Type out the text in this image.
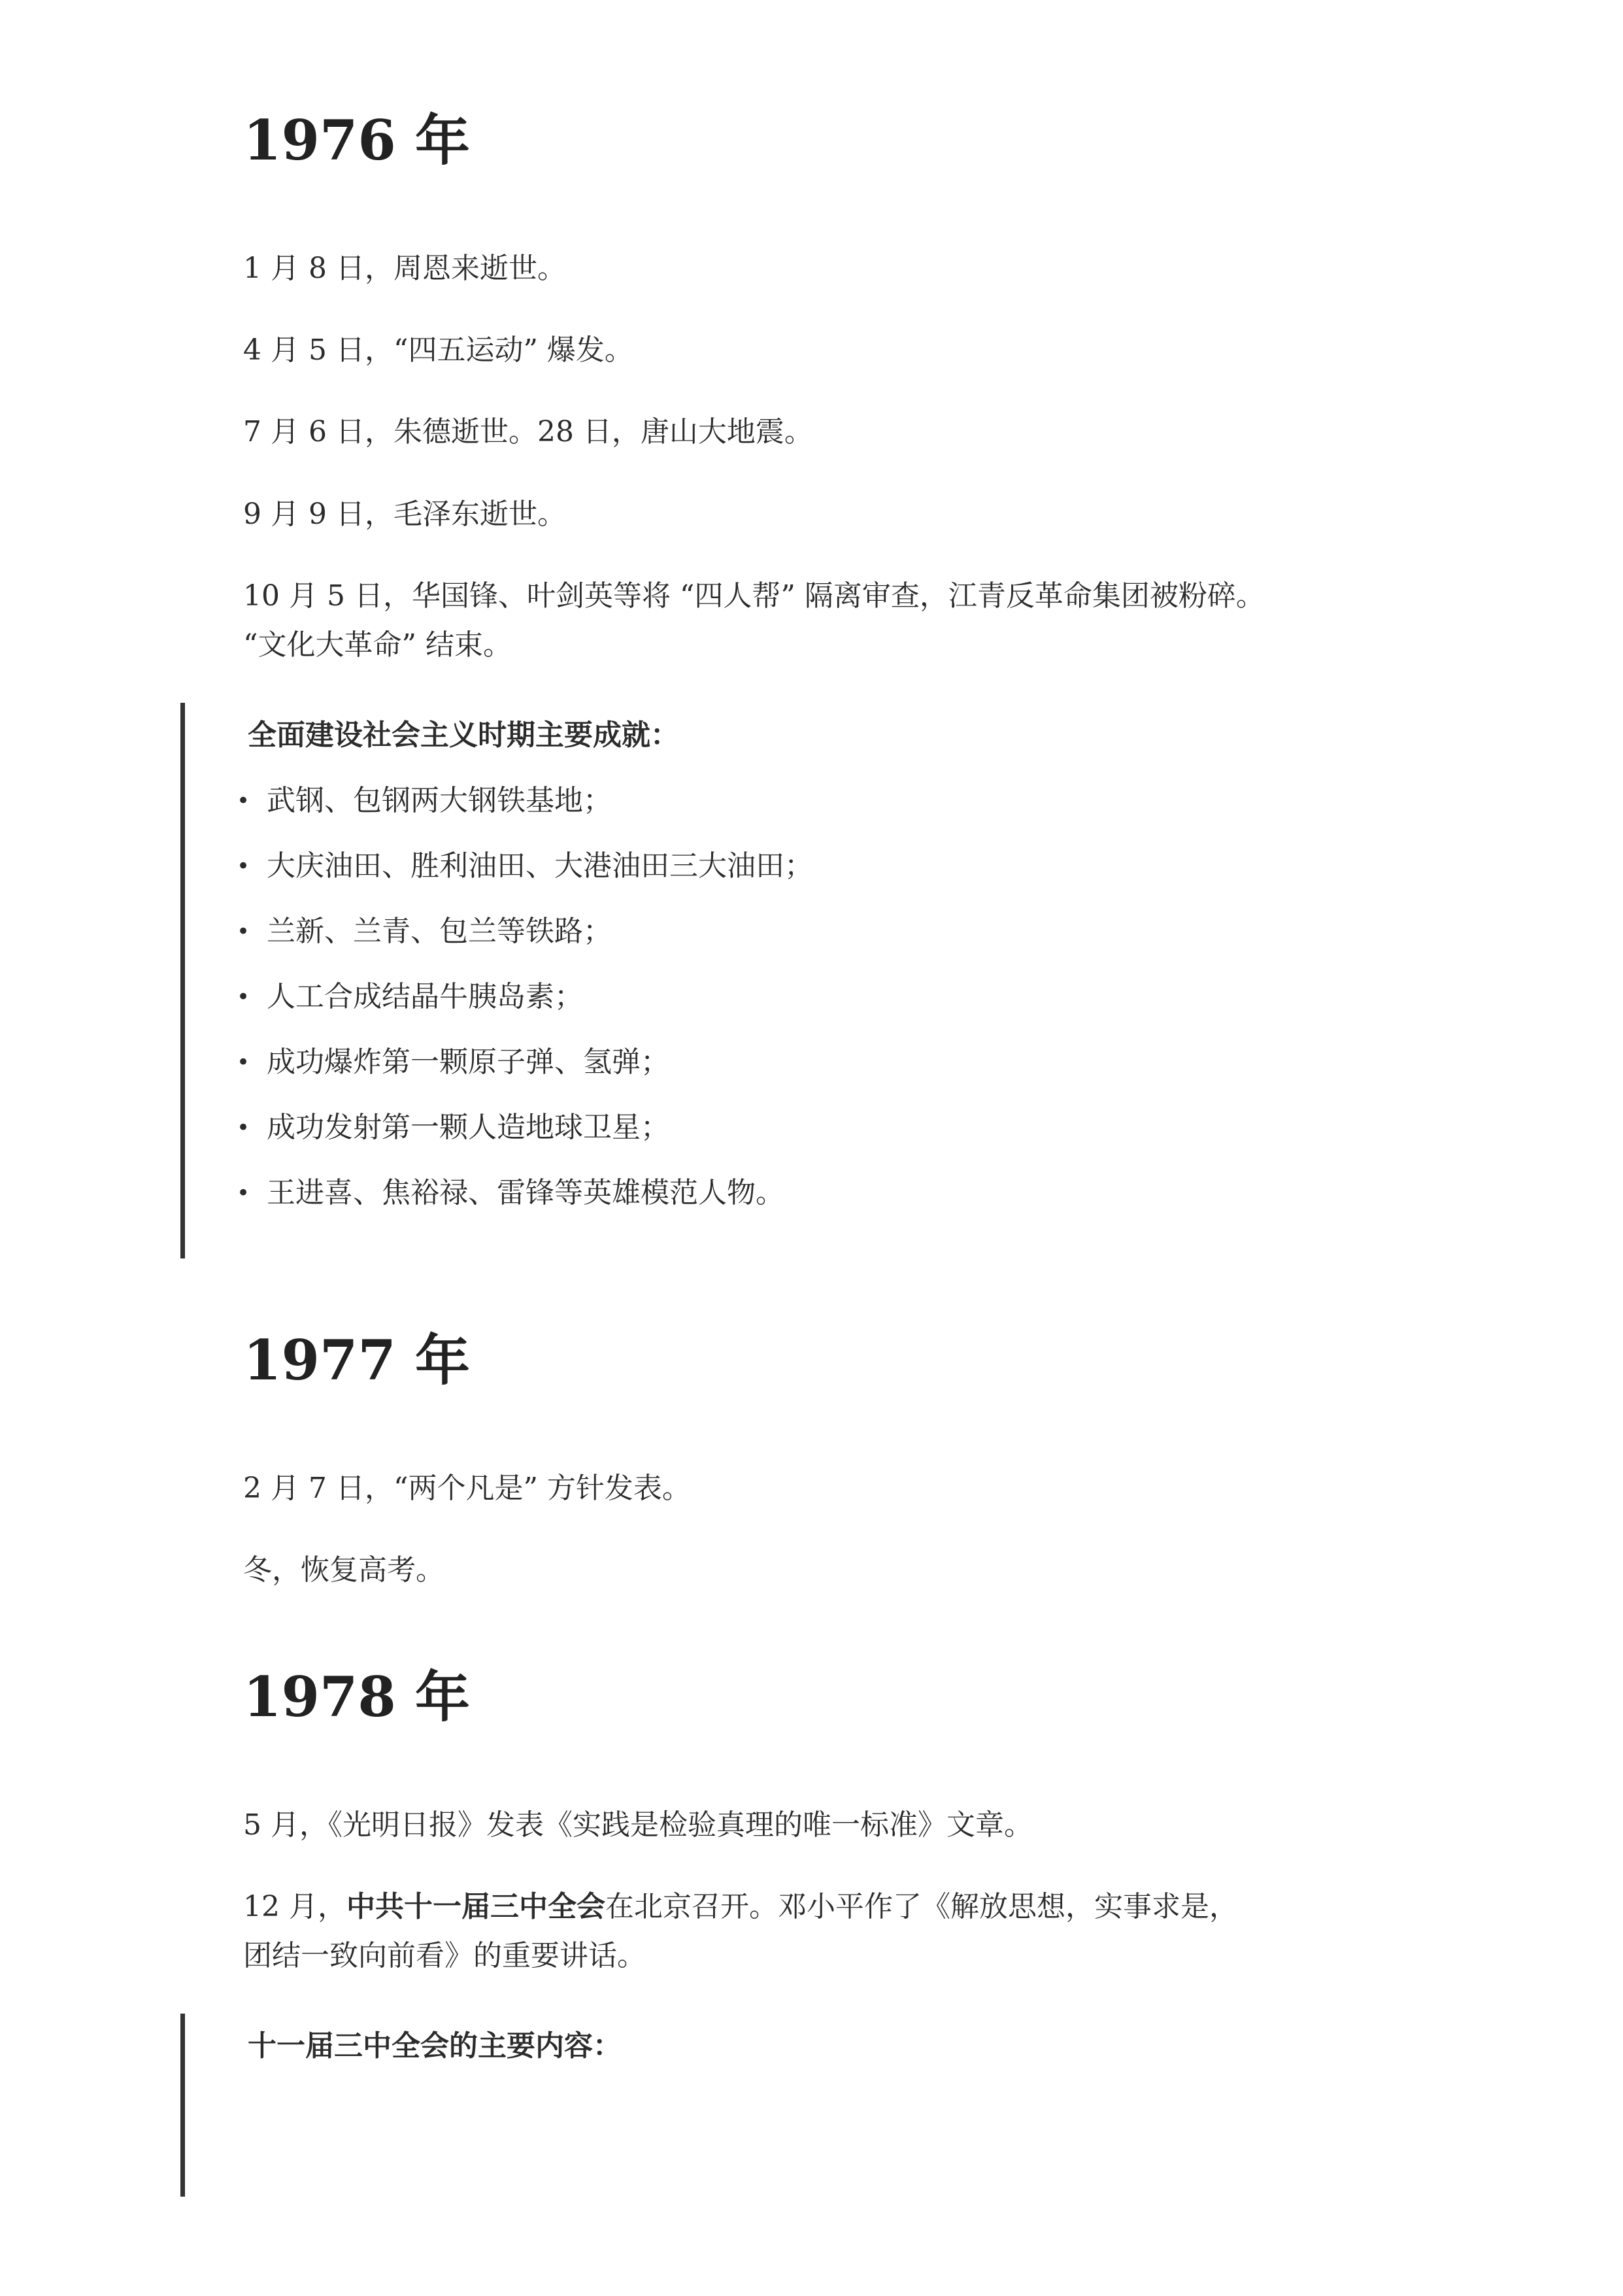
1976 年

1 月 8 日，周恩来逝世。

4 月 5 日，“四五运动” 爆发。

7 月 6 日，朱德逝世。28 日，唐山大地震。

9 月 9 日，毛泽东逝世。

10 月 5 日，华国锋、叶剑英等将 “四人帮” 隔离审查，江青反革命集团被粉碎。

“文化大革命” 结束。

全面建设社会主义时期主要成就：

• 武钢、包钢两大钢铁基地；
• 大庆油田、胜利油田、大港油田三大油田；
• 兰新、兰青、包兰等铁路；
• 人工合成结晶牛胰岛素；
• 成功爆炸第一颗原子弹、氢弹；
• 成功发射第一颗人造地球卫星；
• 王进喜、焦裕禄、雷锋等英雄模范人物。
1977 年

2 月 7 日，“两个凡是” 方针发表。

冬，恢复高考。

1978 年

5 月，《光明日报》发表《实践是检验真理的唯一标准》文章。

12 月，中共十一届三中全会在北京召开。邓小平作了《解放思想，实事求是，

团结一致向前看》的重要讲话。

十一届三中全会的主要内容：
